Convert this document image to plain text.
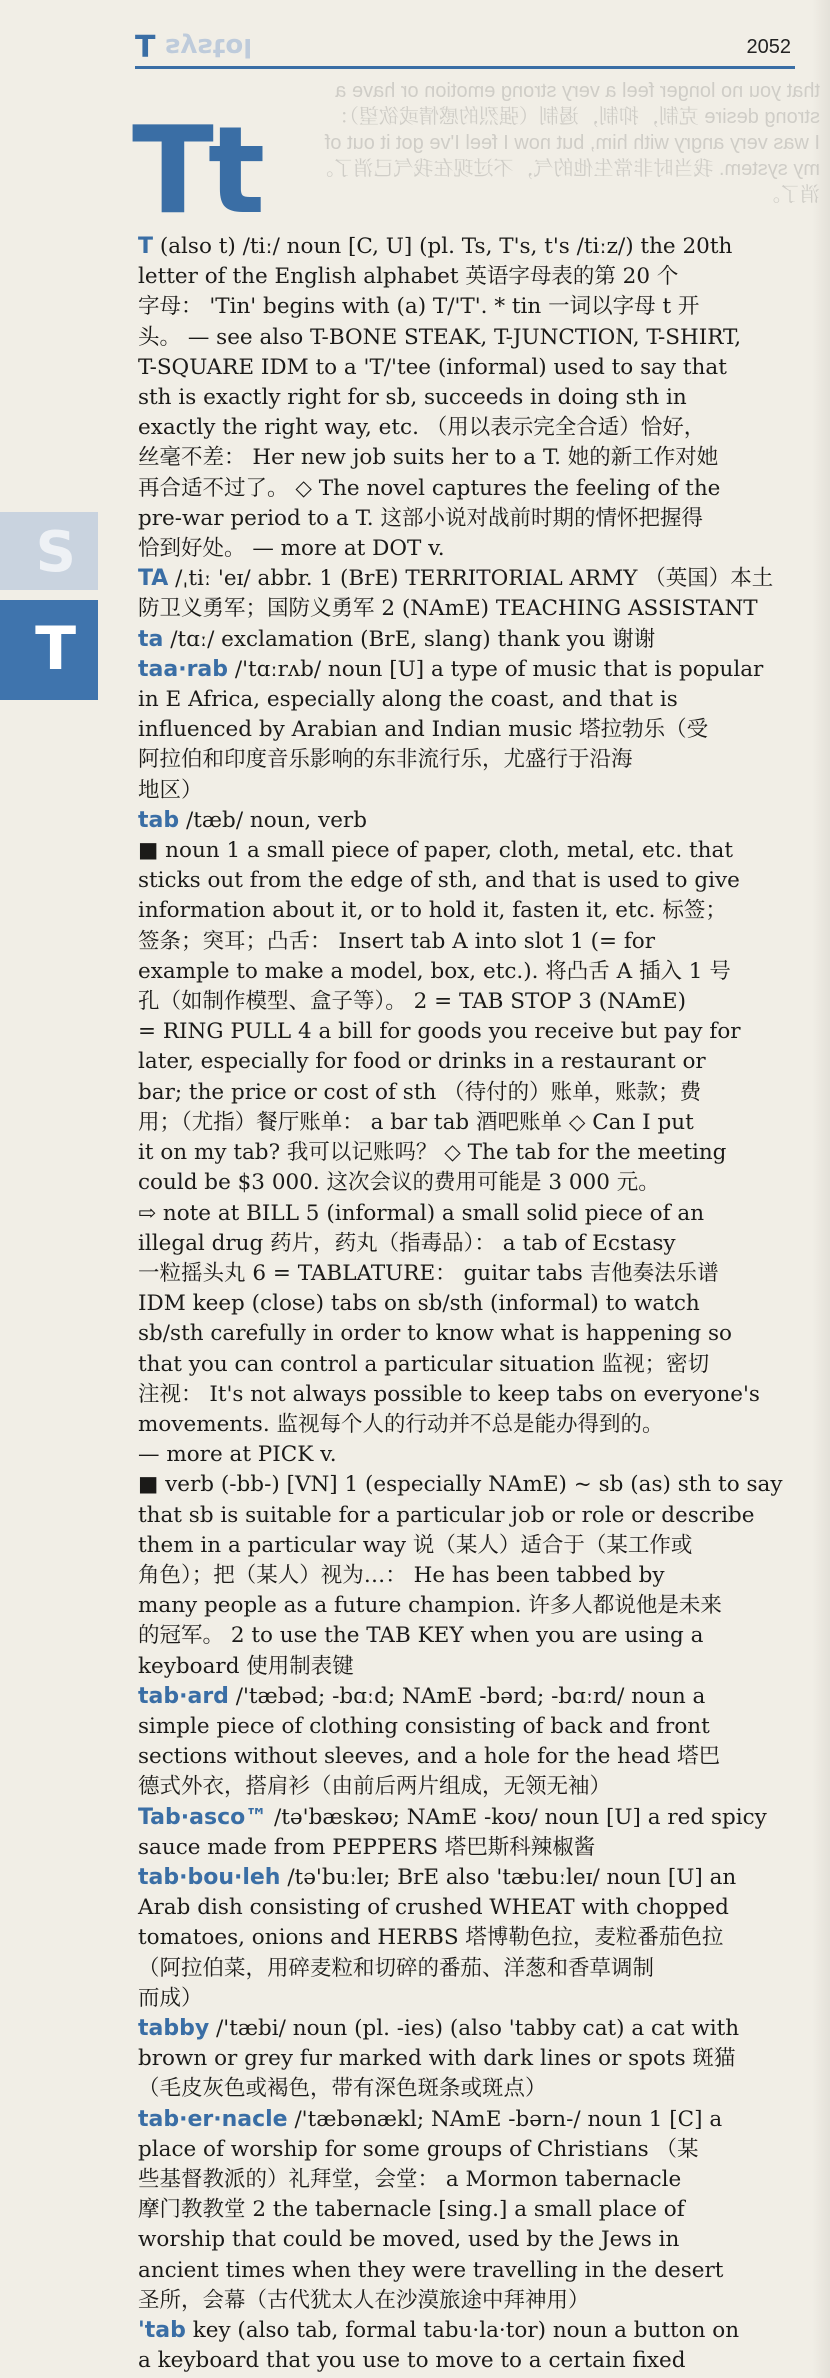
T systol	2052
that you no longer feel a very strong emotion or have a
strong desire 克制，抑制，遏制（强烈的感情或欲望）：
I was very angry with him, but now I feel I've got it out of
my system. 我当时非常生他的气，不过现在我气已消了。
消了。
Tt
S
T
T (also t) /tiː/ noun [C, U] (pl. Ts, T's, t's /tiːz/) the 20th
letter of the English alphabet 英语字母表的第 20 个
字母： 'Tin' begins with (a) T/'T'. * tin 一词以字母 t 开
头。 — see also T-BONE STEAK, T-JUNCTION, T-SHIRT,
T-SQUARE IDM to a 'T/'tee (informal) used to say that
sth is exactly right for sb, succeeds in doing sth in
exactly the right way, etc. （用以表示完全合适）恰好，
丝毫不差： Her new job suits her to a T. 她的新工作对她
再合适不过了。 ◇ The novel captures the feeling of the
pre-war period to a T. 这部小说对战前时期的情怀把握得
恰到好处。 — more at DOT v.
TA /ˌtiː 'eɪ/ abbr. 1 (BrE) TERRITORIAL ARMY （英国）本土
防卫义勇军；国防义勇军 2 (NAmE) TEACHING ASSISTANT
ta /tɑː/ exclamation (BrE, slang) thank you 谢谢
taa·rab /'tɑːrʌb/ noun [U] a type of music that is popular
in E Africa, especially along the coast, and that is
influenced by Arabian and Indian music 塔拉勃乐（受
阿拉伯和印度音乐影响的东非流行乐，尤盛行于沿海
地区）
tab /tæb/ noun, verb
■ noun 1 a small piece of paper, cloth, metal, etc. that
sticks out from the edge of sth, and that is used to give
information about it, or to hold it, fasten it, etc. 标签；
签条；突耳；凸舌： Insert tab A into slot 1 (= for
example to make a model, box, etc.). 将凸舌 A 插入 1 号
孔（如制作模型、盒子等）。 2 = TAB STOP 3 (NAmE)
= RING PULL 4 a bill for goods you receive but pay for
later, especially for food or drinks in a restaurant or
bar; the price or cost of sth （待付的）账单，账款；费
用；（尤指）餐厅账单： a bar tab 酒吧账单 ◇ Can I put
it on my tab? 我可以记账吗？ ◇ The tab for the meeting
could be $3 000. 这次会议的费用可能是 3 000 元。
⇨ note at BILL 5 (informal) a small solid piece of an
illegal drug 药片，药丸（指毒品）： a tab of Ecstasy
一粒摇头丸 6 = TABLATURE： guitar tabs 吉他奏法乐谱
IDM keep (close) tabs on sb/sth (informal) to watch
sb/sth carefully in order to know what is happening so
that you can control a particular situation 监视；密切
注视： It's not always possible to keep tabs on everyone's
movements. 监视每个人的行动并不总是能办得到的。
— more at PICK v.
■ verb (-bb-) [VN] 1 (especially NAmE) ~ sb (as) sth to say
that sb is suitable for a particular job or role or describe
them in a particular way 说（某人）适合于（某工作或
角色）；把（某人）视为…： He has been tabbed by
many people as a future champion. 许多人都说他是未来
的冠军。 2 to use the TAB KEY when you are using a
keyboard 使用制表键
tab·ard /'tæbəd; -bɑːd; NAmE -bərd; -bɑːrd/ noun a
simple piece of clothing consisting of back and front
sections without sleeves, and a hole for the head 塔巴
德式外衣，搭肩衫（由前后两片组成，无领无袖）
Tab·asco™ /tə'bæskəʊ; NAmE -koʊ/ noun [U] a red spicy
sauce made from PEPPERS 塔巴斯科辣椒酱
tab·bou·leh /tə'buːleɪ; BrE also 'tæbuːleɪ/ noun [U] an
Arab dish consisting of crushed WHEAT with chopped
tomatoes, onions and HERBS 塔博勒色拉，麦粒番茄色拉
（阿拉伯菜，用碎麦粒和切碎的番茄、洋葱和香草调制
而成）
tabby /'tæbi/ noun (pl. -ies) (also 'tabby cat) a cat with
brown or grey fur marked with dark lines or spots 斑猫
（毛皮灰色或褐色，带有深色斑条或斑点）
tab·er·nacle /'tæbənækl; NAmE -bərn-/ noun 1 [C] a
place of worship for some groups of Christians （某
些基督教派的）礼拜堂，会堂： a Mormon tabernacle
摩门教教堂 2 the tabernacle [sing.] a small place of
worship that could be moved, used by the Jews in
ancient times when they were travelling in the desert
圣所，会幕（古代犹太人在沙漠旅途中拜神用）
'tab key (also tab, formal tabu·la·tor) noun a button on
a keyboard that you use to move to a certain fixed
